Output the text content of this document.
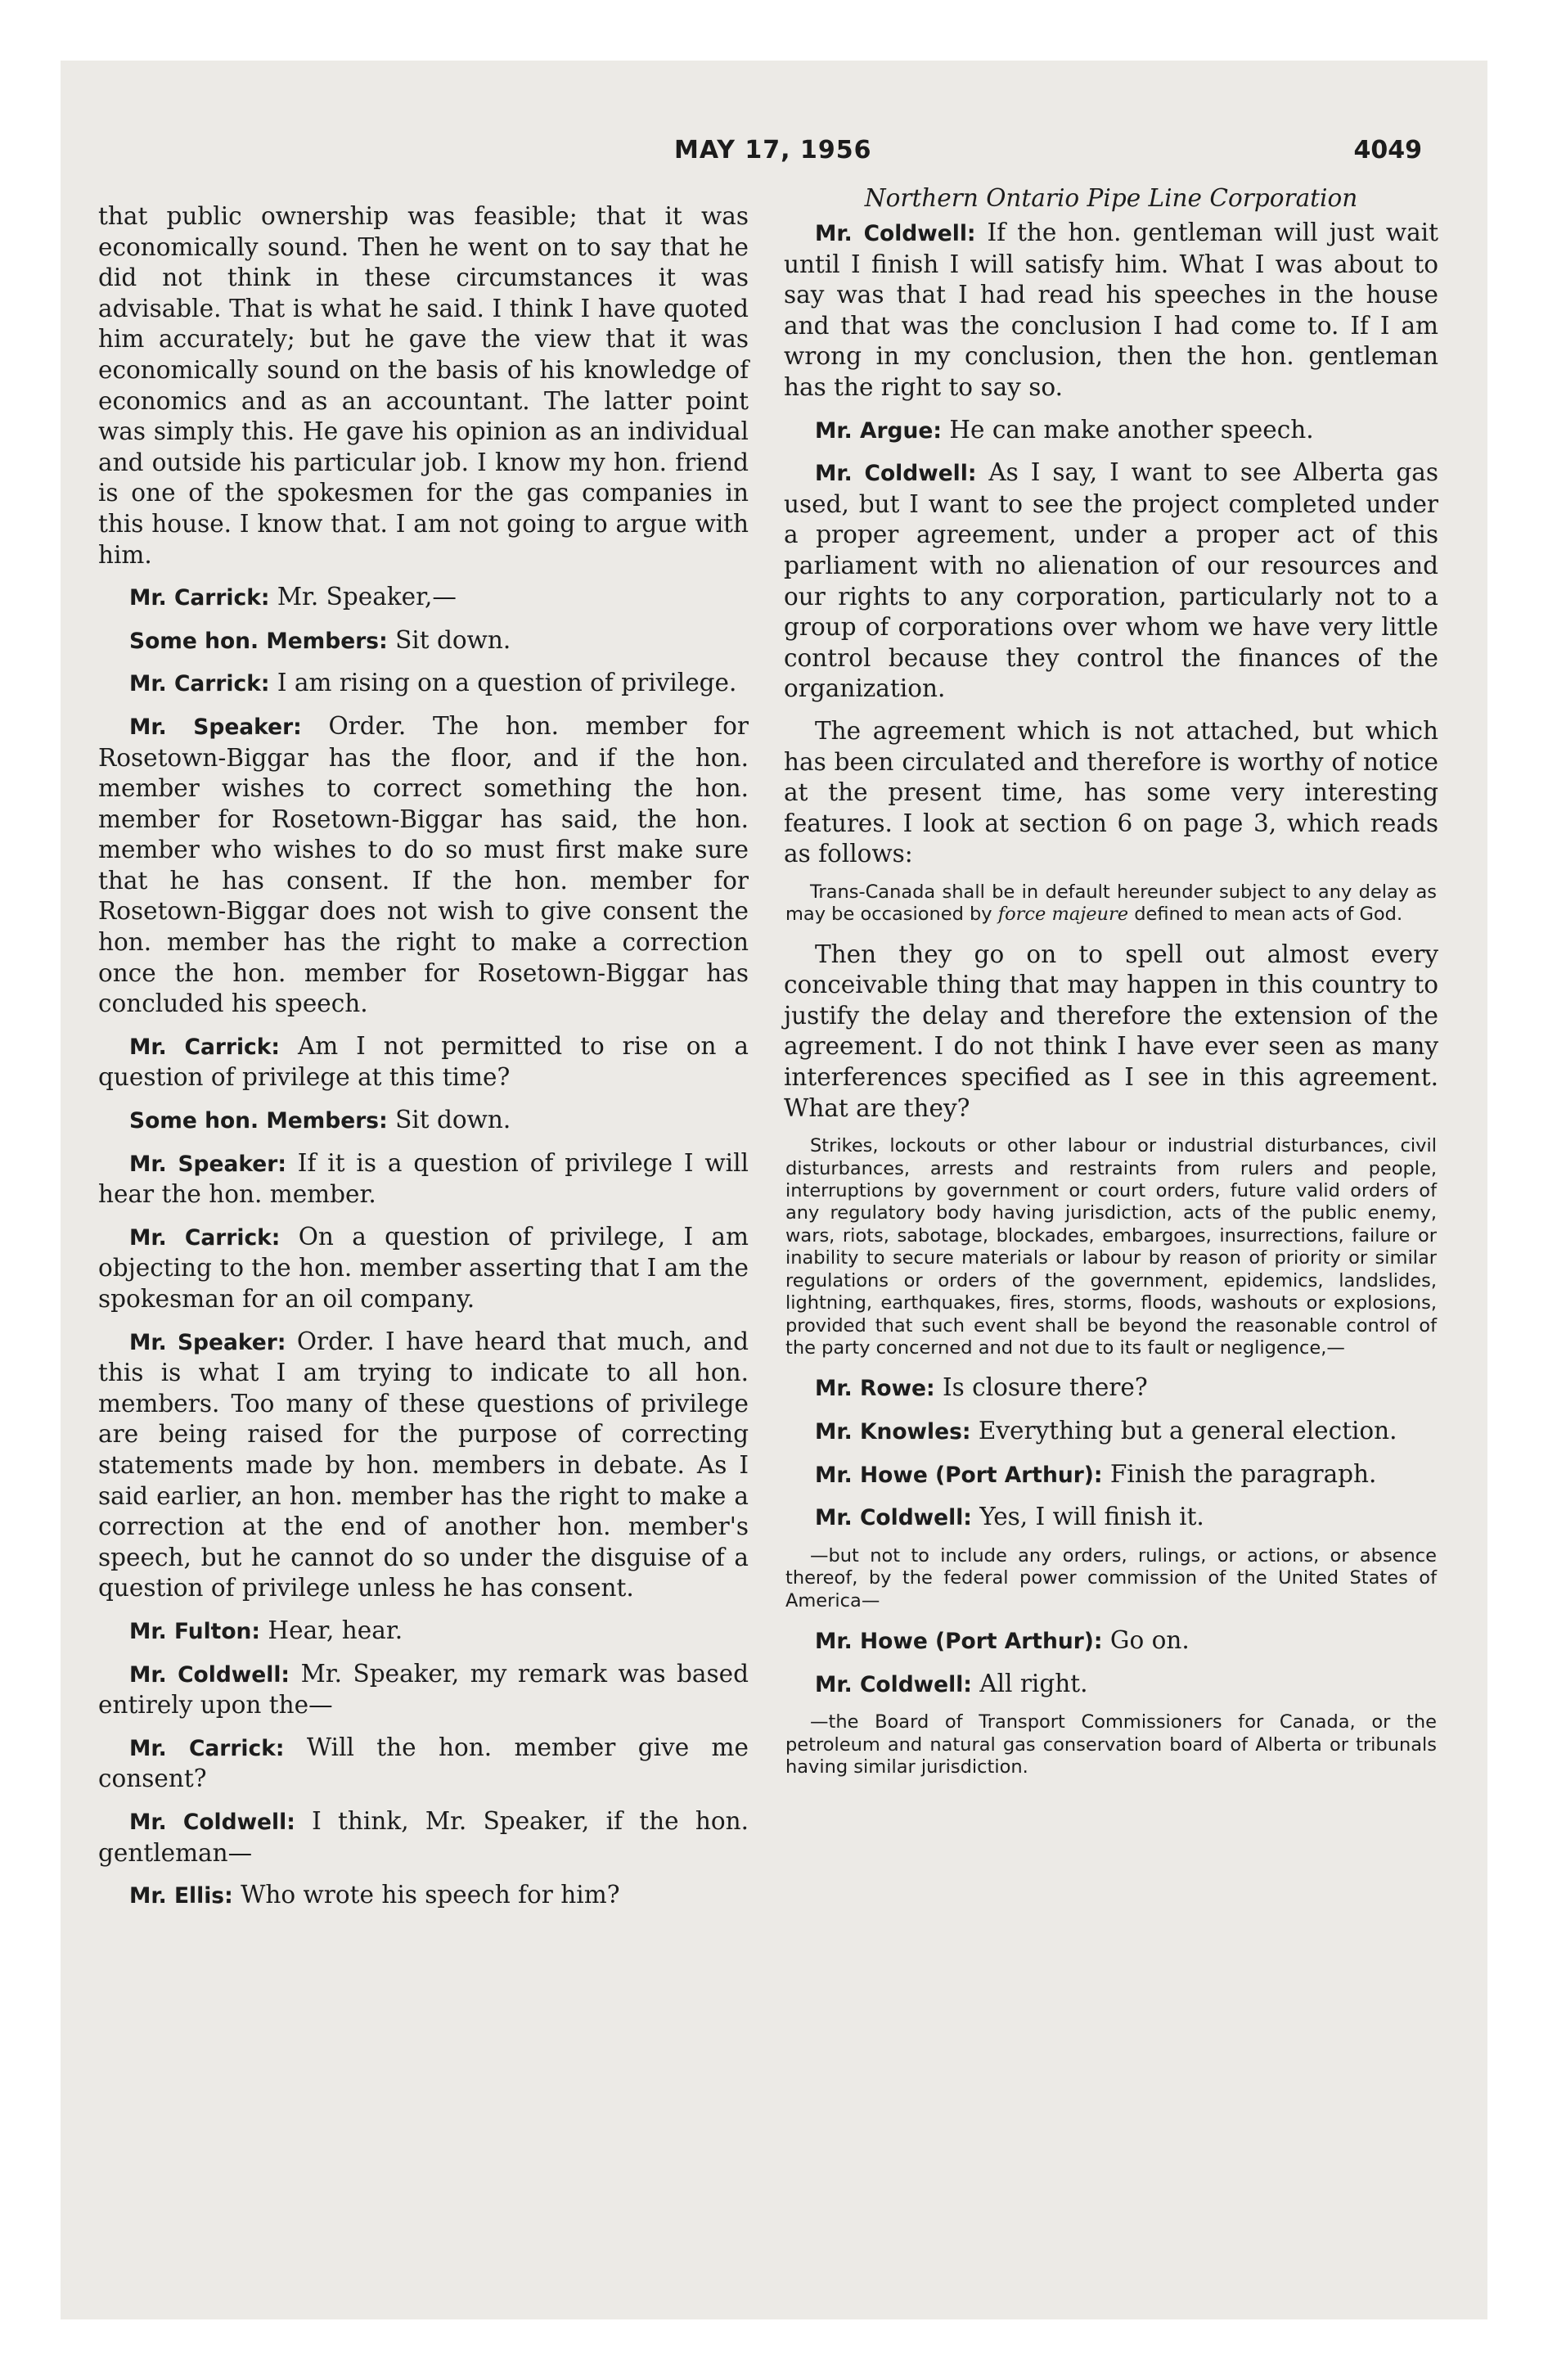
MAY 17, 1956	4049

that public ownership was feasible; that it was economically sound. Then he went on to say that he did not think in these circumstances it was advisable. That is what he said. I think I have quoted him accurately; but he gave the view that it was economically sound on the basis of his knowledge of economics and as an accountant. The latter point was simply this. He gave his opinion as an individual and outside his particular job. I know my hon. friend is one of the spokesmen for the gas companies in this house. I know that. I am not going to argue with him.

Mr. Carrick: Mr. Speaker,—

Some hon. Members: Sit down.

Mr. Carrick: I am rising on a question of privilege.

Mr. Speaker: Order. The hon. member for Rosetown-Biggar has the floor, and if the hon. member wishes to correct something the hon. member for Rosetown-Biggar has said, the hon. member who wishes to do so must first make sure that he has consent. If the hon. member for Rosetown-Biggar does not wish to give consent the hon. member has the right to make a correction once the hon. member for Rosetown-Biggar has concluded his speech.

Mr. Carrick: Am I not permitted to rise on a question of privilege at this time?

Some hon. Members: Sit down.

Mr. Speaker: If it is a question of privilege I will hear the hon. member.

Mr. Carrick: On a question of privilege, I am objecting to the hon. member asserting that I am the spokesman for an oil company.

Mr. Speaker: Order. I have heard that much, and this is what I am trying to indicate to all hon. members. Too many of these questions of privilege are being raised for the purpose of correcting statements made by hon. members in debate. As I said earlier, an hon. member has the right to make a correction at the end of another hon. member's speech, but he cannot do so under the disguise of a question of privilege unless he has consent.

Mr. Fulton: Hear, hear.

Mr. Coldwell: Mr. Speaker, my remark was based entirely upon the—

Mr. Carrick: Will the hon. member give me consent?

Mr. Coldwell: I think, Mr. Speaker, if the hon. gentleman—

Mr. Ellis: Who wrote his speech for him?

Northern Ontario Pipe Line Corporation

Mr. Coldwell: If the hon. gentleman will just wait until I finish I will satisfy him. What I was about to say was that I had read his speeches in the house and that was the conclusion I had come to. If I am wrong in my conclusion, then the hon. gentleman has the right to say so.

Mr. Argue: He can make another speech.

Mr. Coldwell: As I say, I want to see Alberta gas used, but I want to see the project completed under a proper agreement, under a proper act of this parliament with no alienation of our resources and our rights to any corporation, particularly not to a group of corporations over whom we have very little control because they control the finances of the organization.

The agreement which is not attached, but which has been circulated and therefore is worthy of notice at the present time, has some very interesting features. I look at section 6 on page 3, which reads as follows:

Trans-Canada shall be in default hereunder subject to any delay as may be occasioned by force majeure defined to mean acts of God.

Then they go on to spell out almost every conceivable thing that may happen in this country to justify the delay and therefore the extension of the agreement. I do not think I have ever seen as many interferences specified as I see in this agreement. What are they?

Strikes, lockouts or other labour or industrial disturbances, civil disturbances, arrests and restraints from rulers and people, interruptions by government or court orders, future valid orders of any regulatory body having jurisdiction, acts of the public enemy, wars, riots, sabotage, blockades, embargoes, insurrections, failure or inability to secure materials or labour by reason of priority or similar regulations or orders of the government, epidemics, landslides, lightning, earthquakes, fires, storms, floods, washouts or explosions, provided that such event shall be beyond the reasonable control of the party concerned and not due to its fault or negligence,—

Mr. Rowe: Is closure there?

Mr. Knowles: Everything but a general election.

Mr. Howe (Port Arthur): Finish the paragraph.

Mr. Coldwell: Yes, I will finish it.

—but not to include any orders, rulings, or actions, or absence thereof, by the federal power commission of the United States of America—

Mr. Howe (Port Arthur): Go on.

Mr. Coldwell: All right.

—the Board of Transport Commissioners for Canada, or the petroleum and natural gas conservation board of Alberta or tribunals having similar jurisdiction.
